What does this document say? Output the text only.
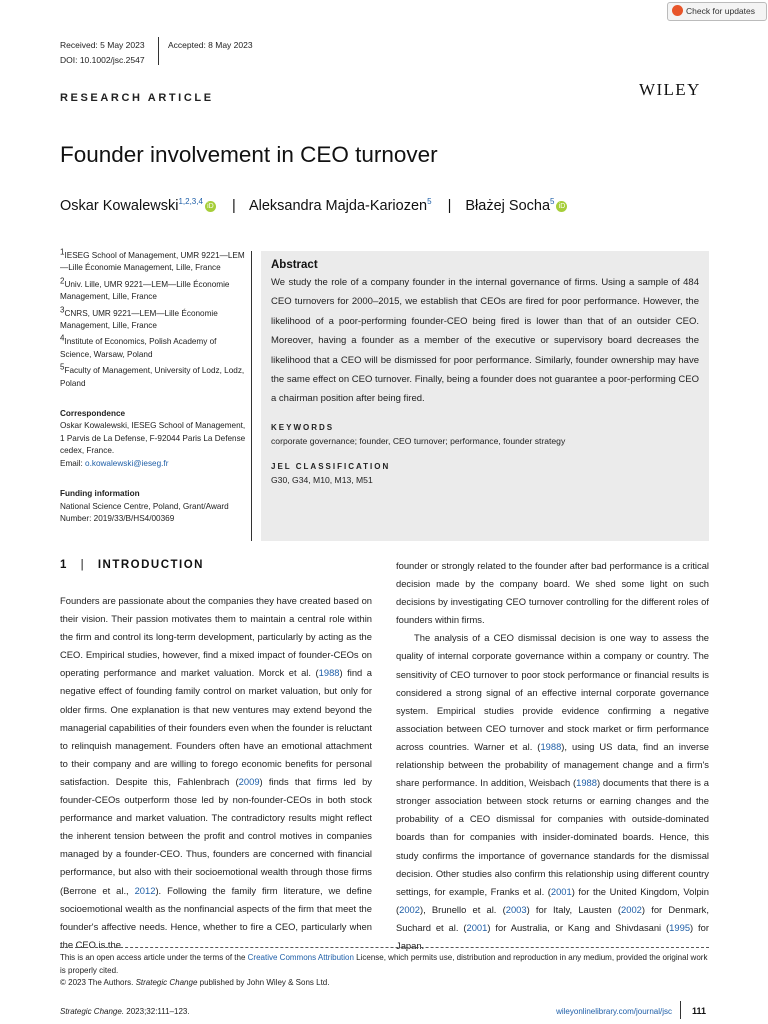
Check for updates
Received: 5 May 2023	Accepted: 8 May 2023
DOI: 10.1002/jsc.2547
RESEARCH ARTICLE	WILEY
Founder involvement in CEO turnover
Oskar Kowalewski$^{1,2,3,4}$ iD | Aleksandra Majda-Kariozen$^5$ | Błażej Socha$^5$ iD
$^1$IESEG School of Management, UMR 9221—LEM—Lille Économie Management, Lille, France
$^2$Univ. Lille, UMR 9221—LEM—Lille Économie Management, Lille, France
$^3$CNRS, UMR 9221—LEM—Lille Économie Management, Lille, France
$^4$Institute of Economics, Polish Academy of Science, Warsaw, Poland
$^5$Faculty of Management, University of Lodz, Lodz, Poland
Correspondence
Oskar Kowalewski, IESEG School of Management, 1 Parvis de La Defense, F-92044 Paris La Defense cedex, France.
Email: o.kowalewski@ieseg.fr
Funding information
National Science Centre, Poland, Grant/Award Number: 2019/33/B/HS4/00369
Abstract

We study the role of a company founder in the internal governance of firms. Using a sample of 484 CEO turnovers for 2000–2015, we establish that CEOs are fired for poor performance. However, the likelihood of a poor-performing founder-CEO being fired is lower than that of an outsider CEO. Moreover, having a founder as a member of the executive or supervisory board decreases the likelihood that a CEO will be dismissed for poor performance. Similarly, founder ownership may have the same effect on CEO turnover. Finally, being a founder does not guarantee a poor-performing CEO a chairman position after being fired.

KEYWORDS
corporate governance; founder, CEO turnover; performance, founder strategy
JEL CLASSIFICATION
G30, G34, M10, M13, M51
1 | INTRODUCTION

Founders are passionate about the companies they have created based on their vision. Their passion motivates them to maintain a central role within the firm and control its long-term development, particularly by acting as the CEO. Empirical studies, however, find a mixed impact of founder-CEOs on operating performance and market valuation. Morck et al. (1988) find a negative effect of founding family control on market valuation, but only for older firms. One explanation is that new ventures may extend beyond the managerial capabilities of their founders even when the founder is reluctant to relinquish management. Founders often have an emotional attachment to their company and are willing to forego economic benefits for personal satisfaction. Despite this, Fahlenbrach (2009) finds that firms led by founder-CEOs outperform those led by non-founder-CEOs in both stock performance and market valuation. The contradictory results might reflect the inherent tension between the profit and control motives in companies managed by a founder-CEO. Thus, founders are concerned with financial performance, but also with their socioemotional wealth through those firms (Berrone et al., 2012). Following the family firm literature, we define socioemotional wealth as the nonfinancial aspects of the firm that meet the founder's affective needs. Hence, whether to fire a CEO, particularly when the CEO is the

founder or strongly related to the founder after bad performance is a critical decision made by the company board. We shed some light on such decisions by investigating CEO turnover controlling for the different roles of founders within firms.

The analysis of a CEO dismissal decision is one way to assess the quality of internal corporate governance within a company or country. The sensitivity of CEO turnover to poor stock performance or financial results is considered a strong signal of an effective internal corporate governance system. Empirical studies provide evidence confirming a negative association between CEO turnover and stock market or firm performance across countries. Warner et al. (1988), using US data, find an inverse relationship between the probability of management change and a firm's share performance. In addition, Weisbach (1988) documents that there is a stronger association between stock returns or earning changes and the probability of a CEO dismissal for companies with outside-dominated boards than for companies with insider-dominated boards. Hence, this study confirms the importance of governance standards for the dismissal decision. Other studies also confirm this relationship using different country settings, for example, Franks et al. (2001) for the United Kingdom, Volpin (2002), Brunello et al. (2003) for Italy, Lausten (2002) for Denmark, Suchard et al. (2001) for Australia, or Kang and Shivdasani (1995) for Japan.

This is an open access article under the terms of the Creative Commons Attribution License, which permits use, distribution and reproduction in any medium, provided the original work is properly cited.
© 2023 The Authors. Strategic Change published by John Wiley & Sons Ltd.
Strategic Change. 2023;32:111–123.	wileyonlinelibrary.com/journal/jsc 111
